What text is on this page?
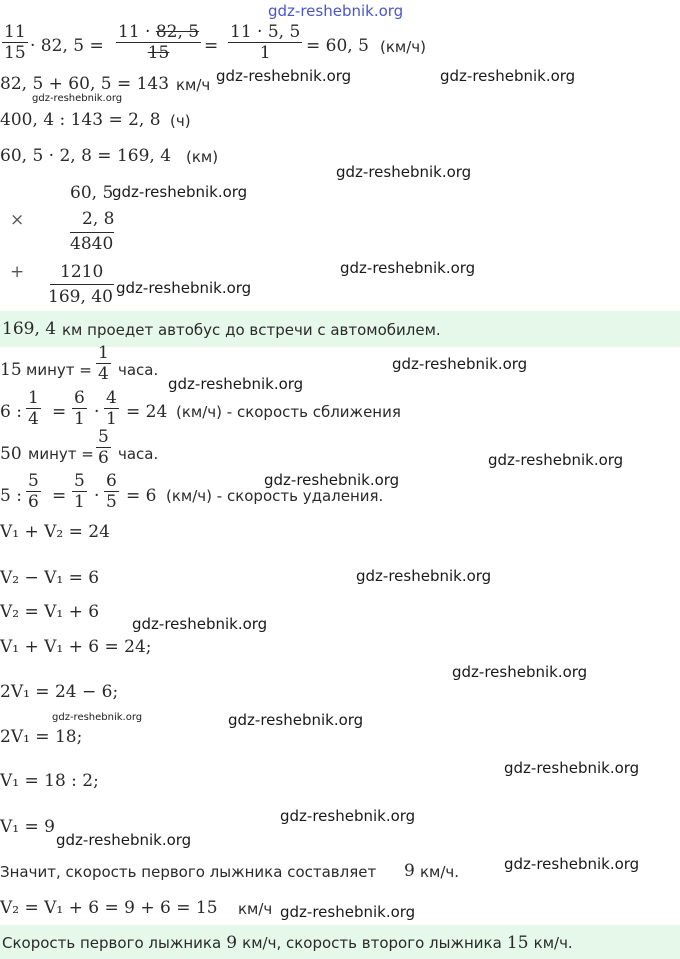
$\frac{11}{15} \cdot 82$, $5 = \frac{11 \cdot 82, 5}{15} = \frac{11 \cdot 5, 5}{1} = 60$, 5 (км/ч)
82, 5 + 60, 5 = 143 км/ч
400, 4 : 143 = 2, 8 (ч)
60, 5 · 2, 8 = 169, 4 (км)
60, 5
×	2, 8
4840
+ 1210
169, 40
169, 4 км проедет автобус до встречи с автомобилем.
15 минут = $\frac{1}{4}$ часа.
6 : $\frac{1}{4} = \frac{6}{1} \cdot \frac{4}{1} = 24$ (км/ч) - скорость сближения
50 минут = $\frac{5}{6}$ часа.
5 : $\frac{5}{6} = \frac{5}{1} \cdot \frac{6}{5} = 6$ (км/ч) - скорость удаления.
V₁ + V₂ = 24
V₂ − V₁ = 6
V₂ = V₁ + 6
V₁ + V₁ + 6 = 24;
2V₁ = 24 − 6;
2V₁ = 18;
V₁ = 18 : 2;
V₁ = 9
Значит, скорость первого лыжника составляет 9 км/ч.
V₂ = V₁ + 6 = 9 + 6 = 15 км/ч
Скорость первого лыжника 9 км/ч, скорость второго лыжника 15 км/ч.
gdz-reshebnik.org
gdz-reshebnik.org	gdz-reshebnik.org
gdz-reshebnik.org
gdz-reshebnik.org
gdz-reshebnik.org
gdz-reshebnik.org
gdz-reshebnik.org
gdz-reshebnik.org
gdz-reshebnik.org
gdz-reshebnik.org
gdz-reshebnik.org
gdz-reshebnik.org
gdz-reshebnik.org
gdz-reshebnik.org
gdz-reshebnik.org	gdz-reshebnik.org
gdz-reshebnik.org
gdz-reshebnik.org
gdz-reshebnik.org
gdz-reshebnik.org
gdz-reshebnik.org
